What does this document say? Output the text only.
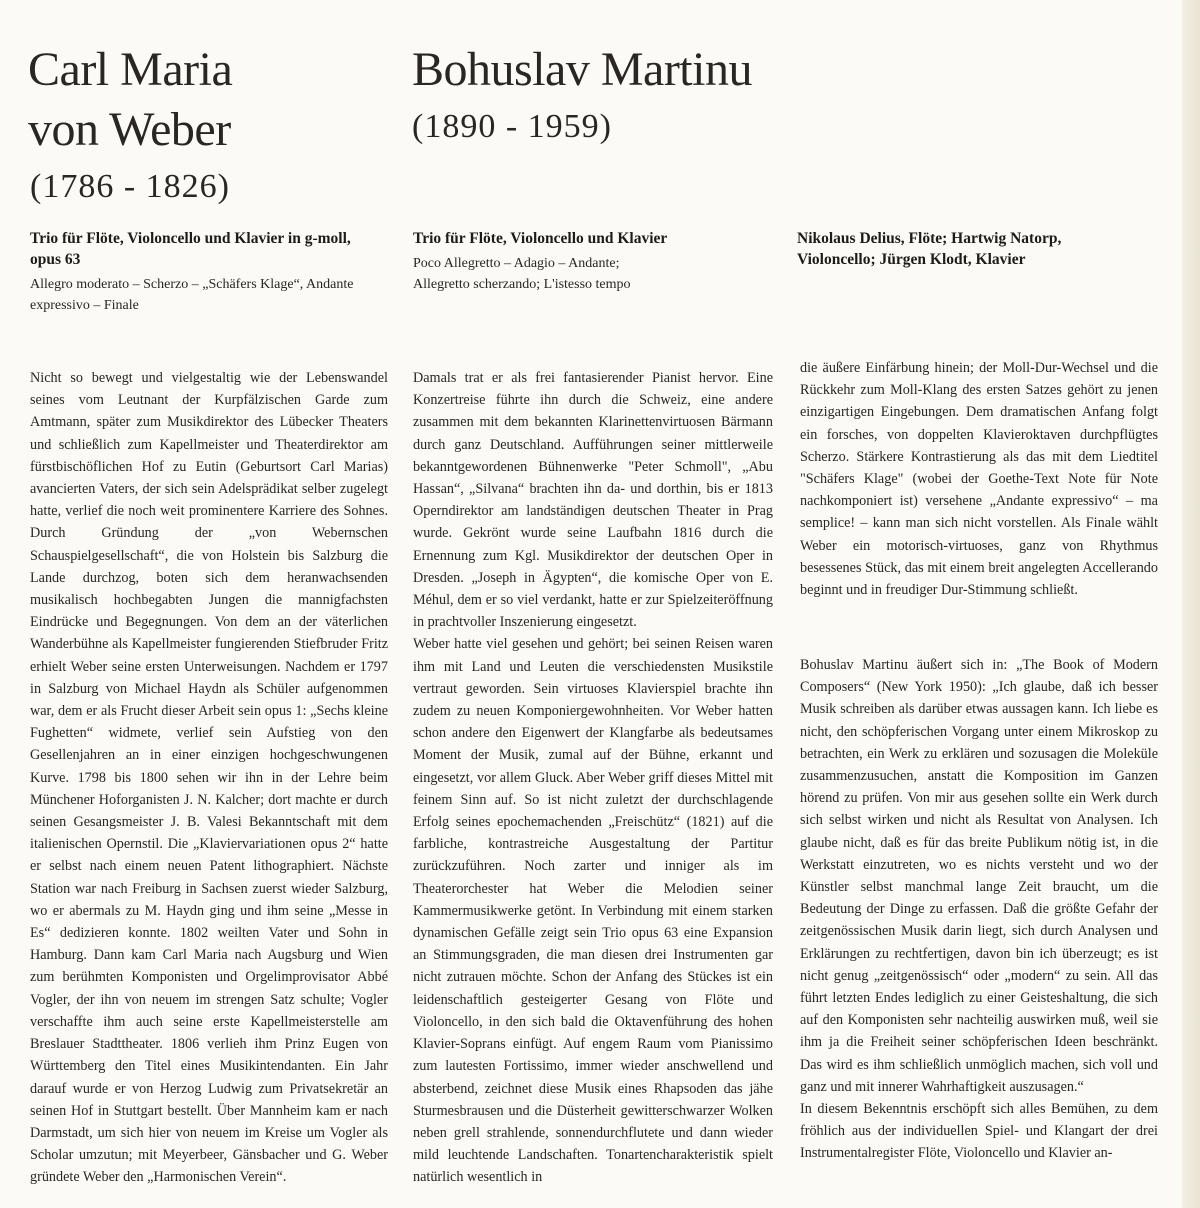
Carl Maria
von Weber
(1786 - 1826)
Bohuslav Martinu
(1890 - 1959)
Trio für Flöte, Violoncello und Klavier in g-moll, opus 63
Allegro moderato – Scherzo – „Schäfers Klage“, Andante expressivo – Finale
Trio für Flöte, Violoncello und Klavier
Poco Allegretto – Adagio – Andante; Allegretto scherzando; L'istesso tempo
Nikolaus Delius, Flöte; Hartwig Natorp, Violoncello; Jürgen Klodt, Klavier

Nicht so bewegt und vielgestaltig wie der Lebenswandel seines vom Leutnant der Kurpfälzischen Garde zum Amtmann, später zum Musikdirektor des Lübecker Theaters und schließlich zum Kapellmeister und Theaterdirektor am fürstbischöflichen Hof zu Eutin (Geburtsort Carl Marias) avancierten Vaters, der sich sein Adelsprädikat selber zugelegt hatte, verlief die noch weit prominentere Karriere des Sohnes. Durch Gründung der „von Webernschen Schauspielgesellschaft“, die von Holstein bis Salzburg die Lande durchzog, boten sich dem heranwachsenden musikalisch hochbegabten Jungen die mannigfachsten Eindrücke und Begegnungen. Von dem an der väterlichen Wanderbühne als Kapellmeister fungierenden Stiefbruder Fritz erhielt Weber seine ersten Unterweisungen. Nachdem er 1797 in Salzburg von Michael Haydn als Schüler aufgenommen war, dem er als Frucht dieser Arbeit sein opus 1: „Sechs kleine Fughetten“ widmete, verlief sein Aufstieg von den Gesellenjahren an in einer einzigen hochgeschwungenen Kurve. 1798 bis 1800 sehen wir ihn in der Lehre beim Münchener Hoforganisten J. N. Kalcher; dort machte er durch seinen Gesangsmeister J. B. Valesi Bekanntschaft mit dem italienischen Opernstil. Die „Klaviervariationen opus 2“ hatte er selbst nach einem neuen Patent lithographiert. Nächste Station war nach Freiburg in Sachsen zuerst wieder Salzburg, wo er abermals zu M. Haydn ging und ihm seine „Messe in Es“ dedizieren konnte. 1802 weilten Vater und Sohn in Hamburg. Dann kam Carl Maria nach Augsburg und Wien zum berühmten Komponisten und Orgelimprovisator Abbé Vogler, der ihn von neuem im strengen Satz schulte; Vogler verschaffte ihm auch seine erste Kapellmeisterstelle am Breslauer Stadttheater. 1806 verlieh ihm Prinz Eugen von Württemberg den Titel eines Musikintendanten. Ein Jahr darauf wurde er von Herzog Ludwig zum Privatsekretär an seinen Hof in Stuttgart bestellt. Über Mannheim kam er nach Darmstadt, um sich hier von neuem im Kreise um Vogler als Scholar umzutun; mit Meyerbeer, Gänsbacher und G. Weber gründete Weber den „Harmonischen Verein“.

Damals trat er als frei fantasierender Pianist hervor. Eine Konzertreise führte ihn durch die Schweiz, eine andere zusammen mit dem bekannten Klarinettenvirtuosen Bärmann durch ganz Deutschland. Aufführungen seiner mittlerweile bekanntgewordenen Bühnenwerke "Peter Schmoll", „Abu Hassan“, „Silvana“ brachten ihn da- und dorthin, bis er 1813 Operndirektor am landständigen deutschen Theater in Prag wurde. Gekrönt wurde seine Laufbahn 1816 durch die Ernennung zum Kgl. Musikdirektor der deutschen Oper in Dresden. „Joseph in Ägypten“, die komische Oper von E. Méhul, dem er so viel verdankt, hatte er zur Spielzeiteröffnung in prachtvoller Inszenierung eingesetzt.

Weber hatte viel gesehen und gehört; bei seinen Reisen waren ihm mit Land und Leuten die verschiedensten Musikstile vertraut geworden. Sein virtuoses Klavierspiel brachte ihn zudem zu neuen Komponiergewohnheiten. Vor Weber hatten schon andere den Eigenwert der Klangfarbe als bedeutsames Moment der Musik, zumal auf der Bühne, erkannt und eingesetzt, vor allem Gluck. Aber Weber griff dieses Mittel mit feinem Sinn auf. So ist nicht zuletzt der durchschlagende Erfolg seines epochemachenden „Freischütz“ (1821) auf die farbliche, kontrastreiche Ausgestaltung der Partitur zurückzuführen. Noch zarter und inniger als im Theaterorchester hat Weber die Melodien seiner Kammermusikwerke getönt. In Verbindung mit einem starken dynamischen Gefälle zeigt sein Trio opus 63 eine Expansion an Stimmungsgraden, die man diesen drei Instrumenten gar nicht zutrauen möchte. Schon der Anfang des Stückes ist ein leidenschaftlich gesteigerter Gesang von Flöte und Violoncello, in den sich bald die Oktavenführung des hohen Klavier-Soprans einfügt. Auf engem Raum vom Pianissimo zum lautesten Fortissimo, immer wieder anschwellend und absterbend, zeichnet diese Musik eines Rhapsoden das jähe Sturmesbrausen und die Düsterheit gewitterschwarzer Wolken neben grell strahlende, sonnendurchflutete und dann wieder mild leuchtende Landschaften. Tonartencharakteristik spielt natürlich wesentlich in

die äußere Einfärbung hinein; der Moll-Dur-Wechsel und die Rückkehr zum Moll-Klang des ersten Satzes gehört zu jenen einzigartigen Eingebungen. Dem dramatischen Anfang folgt ein forsches, von doppelten Klavieroktaven durchpflügtes Scherzo. Stärkere Kontrastierung als das mit dem Liedtitel "Schäfers Klage" (wobei der Goethe-Text Note für Note nachkomponiert ist) versehene „Andante expressivo“ – ma semplice! – kann man sich nicht vorstellen. Als Finale wählt Weber ein motorisch-virtuoses, ganz von Rhythmus besessenes Stück, das mit einem breit angelegten Accellerando beginnt und in freudiger Dur-Stimmung schließt.

Bohuslav Martinu äußert sich in: „The Book of Modern Composers“ (New York 1950): „Ich glaube, daß ich besser Musik schreiben als darüber etwas aussagen kann. Ich liebe es nicht, den schöpferischen Vorgang unter einem Mikroskop zu betrachten, ein Werk zu erklären und sozusagen die Moleküle zusammenzusuchen, anstatt die Komposition im Ganzen hörend zu prüfen. Von mir aus gesehen sollte ein Werk durch sich selbst wirken und nicht als Resultat von Analysen. Ich glaube nicht, daß es für das breite Publikum nötig ist, in die Werkstatt einzutreten, wo es nichts versteht und wo der Künstler selbst manchmal lange Zeit braucht, um die Bedeutung der Dinge zu erfassen. Daß die größte Gefahr der zeitgenössischen Musik darin liegt, sich durch Analysen und Erklärungen zu rechtfertigen, davon bin ich überzeugt; es ist nicht genug „zeitgenössisch“ oder „modern“ zu sein. All das führt letzten Endes lediglich zu einer Geisteshaltung, die sich auf den Komponisten sehr nachteilig auswirken muß, weil sie ihm ja die Freiheit seiner schöpferischen Ideen beschränkt. Das wird es ihm schließlich unmöglich machen, sich voll und ganz und mit innerer Wahrhaftigkeit auszusagen.“

In diesem Bekenntnis erschöpft sich alles Bemühen, zu dem fröhlich aus der individuellen Spiel- und Klangart der drei Instrumentalregister Flöte, Violoncello und Klavier an-
